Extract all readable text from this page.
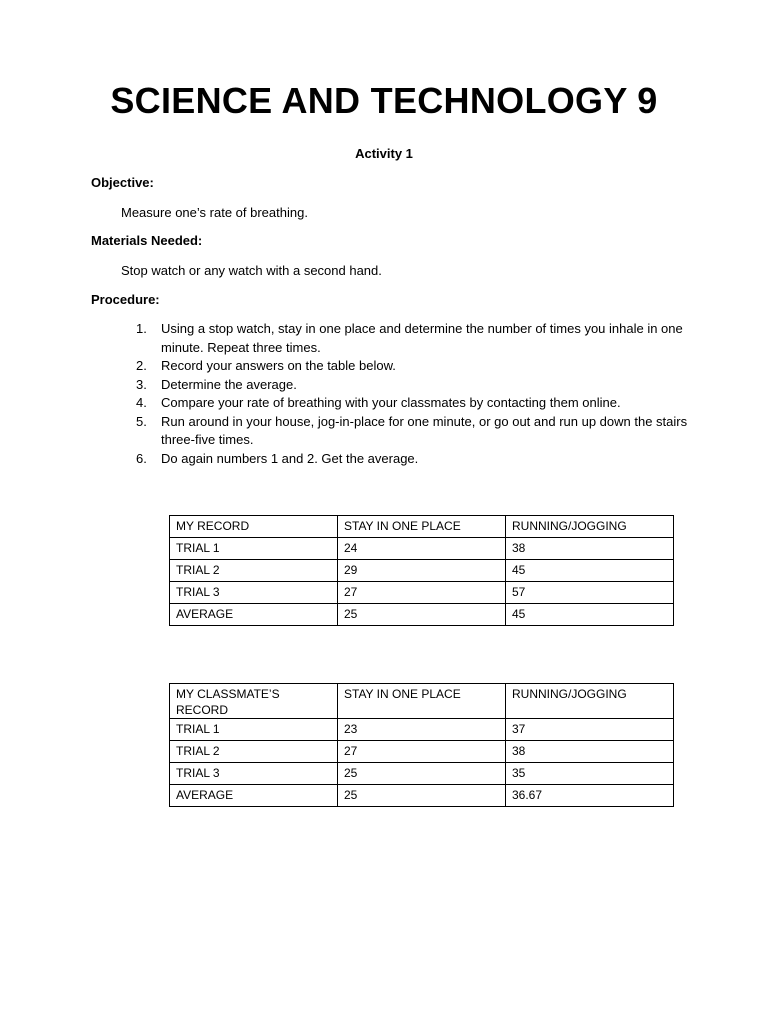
SCIENCE AND TECHNOLOGY 9
Activity 1
Objective:
Measure one’s rate of breathing.
Materials Needed:
Stop watch or any watch with a second hand.
Procedure:
1. Using a stop watch, stay in one place and determine the number of times you inhale in one minute. Repeat three times.
2. Record your answers on the table below.
3. Determine the average.
4. Compare your rate of breathing with your classmates by contacting them online.
5. Run around in your house, jog-in-place for one minute, or go out and run up down the stairs three-five times.
6. Do again numbers 1 and 2. Get the average.
MY RECORD	STAY IN ONE PLACE	RUNNING/JOGGING
TRIAL 1	24	38
TRIAL 2	29	45
TRIAL 3	27	57
AVERAGE	25	45
MY CLASSMATE’S RECORD	STAY IN ONE PLACE	RUNNING/JOGGING
TRIAL 1	23	37
TRIAL 2	27	38
TRIAL 3	25	35
AVERAGE	25	36.67
